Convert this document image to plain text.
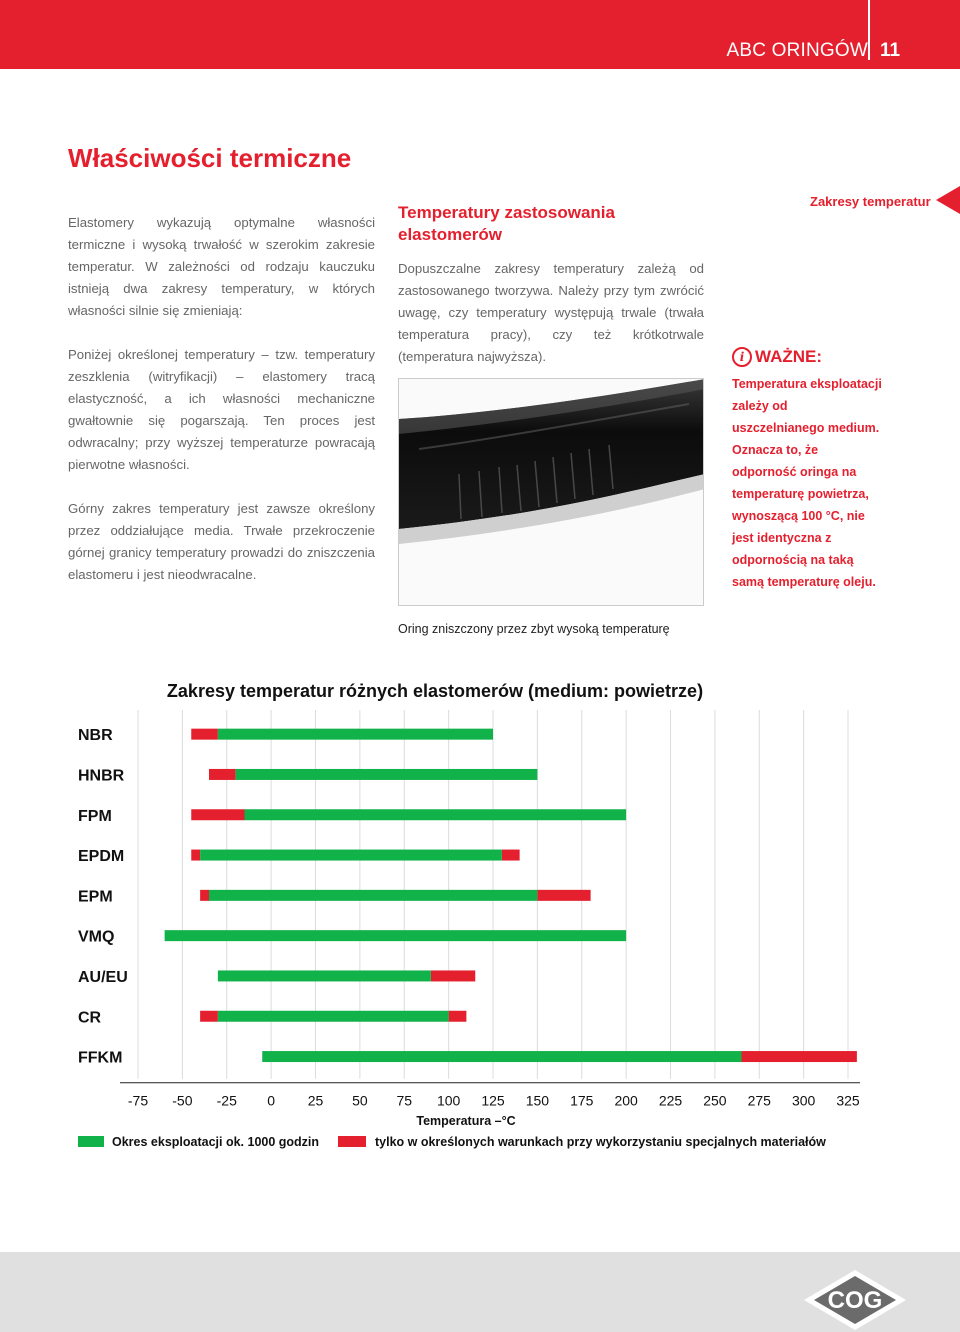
ABC ORINGÓW 11
Właściwości termiczne

Elastomery wykazują optymalne własności termiczne i wysoką trwałość w szerokim zakresie temperatur. W zależności od rodzaju kauczuku istnieją dwa zakresy temperatury, w których własności silnie się zmieniają:

Poniżej określonej temperatury – tzw. temperatury zeszklenia (witryfikacji) – elastomery tracą elastyczność, a ich własności mechaniczne gwałtownie się pogarszają. Ten proces jest odwracalny; przy wyższej temperaturze powracają pierwotne własności.

Górny zakres temperatury jest zawsze określony przez oddziałujące media. Trwałe przekroczenie górnej granicy temperatury prowadzi do zniszczenia elastomeru i jest nieodwracalne.

Temperatury zastosowania elastomerów

Dopuszczalne zakresy temperatury zależą od zastosowanego tworzywa. Należy przy tym zwrócić uwagę, czy temperatury występują trwale (trwała temperatura pracy), czy też krótkotrwale (temperatura najwyższa).

Oring zniszczony przez zbyt wysoką temperaturę

Zakresy temperatur

i WAŻNE:

Temperatura eksploatacji zależy od uszczelnianego medium. Oznacza to, że odporność oringa na temperaturę powietrza, wynoszącą 100 °C, nie jest identyczna z odpornością na taką samą temperaturę oleju.

Zakresy temperatur różnych elastomerów (medium: powietrze)
NBR
HNBR
FPM
EPDM
EPM
VMQ
AU/EU
CR
FFKM
-75 -50 -25 0 25 50 75 100 125 150 175 200 225 250 275 300 325
Temperatura –°C
Okres eksploatacji ok. 1000 godzin	tylko w określonych warunkach przy wykorzystaniu specjalnych materiałów
COG
